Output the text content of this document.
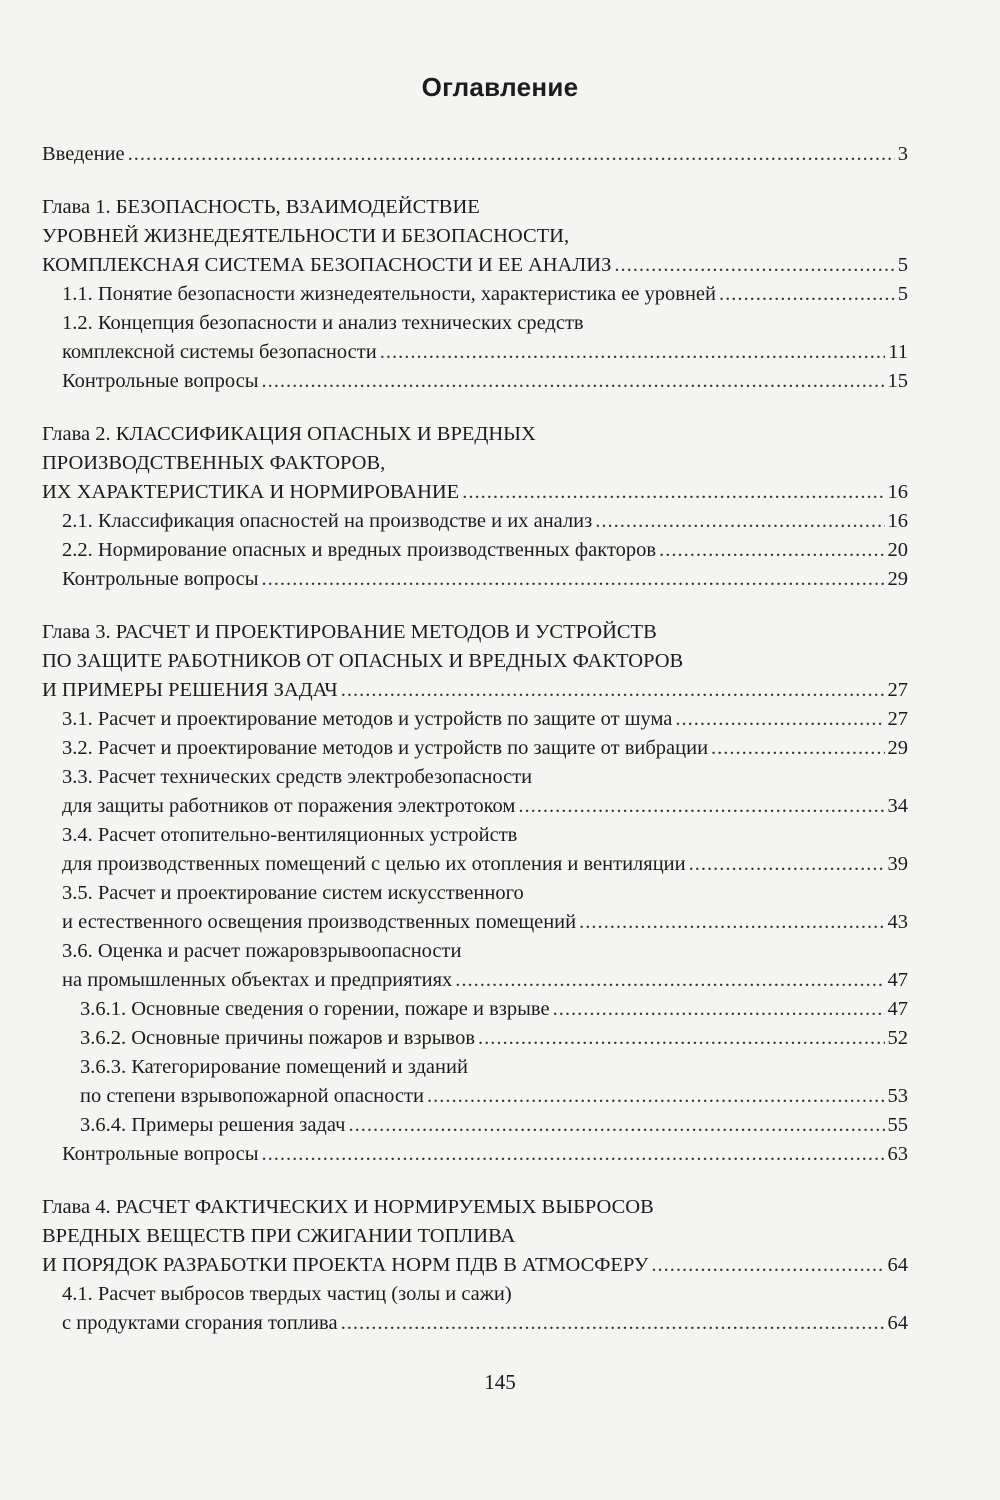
Оглавление
Введение .....	3
Глава 1. БЕЗОПАСНОСТЬ, ВЗАИМОДЕЙСТВИЕ
УРОВНЕЙ ЖИЗНЕДЕЯТЕЛЬНОСТИ И БЕЗОПАСНОСТИ,
КОМПЛЕКСНАЯ СИСТЕМА БЕЗОПАСНОСТИ И ЕЕ АНАЛИЗ .....	5
1.1. Понятие безопасности жизнедеятельности, характеристика ее уровней .....	5
1.2. Концепция безопасности и анализ технических средств
комплексной системы безопасности .....	11
Контрольные вопросы .....	15
Глава 2. КЛАССИФИКАЦИЯ ОПАСНЫХ И ВРЕДНЫХ
ПРОИЗВОДСТВЕННЫХ ФАКТОРОВ,
ИХ ХАРАКТЕРИСТИКА И НОРМИРОВАНИЕ .....	16
2.1. Классификация опасностей на производстве и их анализ .....	16
2.2. Нормирование опасных и вредных производственных факторов .....	20
Контрольные вопросы .....	29
Глава 3. РАСЧЕТ И ПРОЕКТИРОВАНИЕ МЕТОДОВ И УСТРОЙСТВ
ПО ЗАЩИТЕ РАБОТНИКОВ ОТ ОПАСНЫХ И ВРЕДНЫХ ФАКТОРОВ
И ПРИМЕРЫ РЕШЕНИЯ ЗАДАЧ .....	27
3.1. Расчет и проектирование методов и устройств по защите от шума .....	27
3.2. Расчет и проектирование методов и устройств по защите от вибрации .....	29
3.3. Расчет технических средств электробезопасности
для защиты работников от поражения электротоком .....	34
3.4. Расчет отопительно-вентиляционных устройств
для производственных помещений с целью их отопления и вентиляции .....	39
3.5. Расчет и проектирование систем искусственного
и естественного освещения производственных помещений .....	43
3.6. Оценка и расчет пожаровзрывоопасности
на промышленных объектах и предприятиях .....	47
3.6.1. Основные сведения о горении, пожаре и взрыве .....	47
3.6.2. Основные причины пожаров и взрывов .....	52
3.6.3. Категорирование помещений и зданий
по степени взрывопожарной опасности .....	53
3.6.4. Примеры решения задач .....	55
Контрольные вопросы .....	63
Глава 4. РАСЧЕТ ФАКТИЧЕСКИХ И НОРМИРУЕМЫХ ВЫБРОСОВ
ВРЕДНЫХ ВЕЩЕСТВ ПРИ СЖИГАНИИ ТОПЛИВА
И ПОРЯДОК РАЗРАБОТКИ ПРОЕКТА НОРМ ПДВ В АТМОСФЕРУ .....	64
4.1. Расчет выбросов твердых частиц (золы и сажи)
с продуктами сгорания топлива .....	64
145
